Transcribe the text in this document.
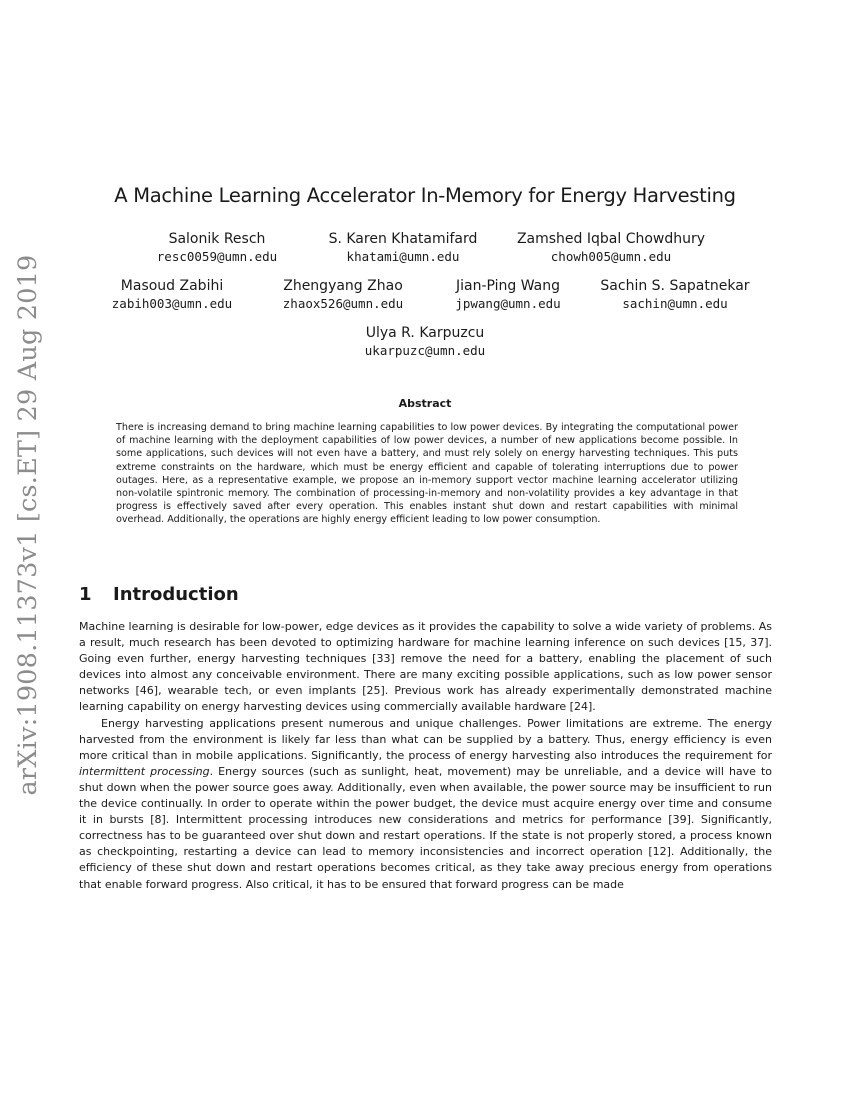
arXiv:1908.11373v1 [cs.ET] 29 Aug 2019
A Machine Learning Accelerator In-Memory for Energy Harvesting
Salonik Resch
resc0059@umn.edu
S. Karen Khatamifard
khatami@umn.edu
Zamshed Iqbal Chowdhury
chowh005@umn.edu
Masoud Zabihi
zabih003@umn.edu
Zhengyang Zhao
zhaox526@umn.edu
Jian-Ping Wang
jpwang@umn.edu
Sachin S. Sapatnekar
sachin@umn.edu
Ulya R. Karpuzcu
ukarpuzc@umn.edu
Abstract

There is increasing demand to bring machine learning capabilities to low power devices. By integrating the computational power of machine learning with the deployment capabilities of low power devices, a number of new applications become possible. In some applications, such devices will not even have a battery, and must rely solely on energy harvesting techniques. This puts extreme constraints on the hardware, which must be energy efficient and capable of tolerating interruptions due to power outages. Here, as a representative example, we propose an in-memory support vector machine learning accelerator utilizing non-volatile spintronic memory. The combination of processing-in-memory and non-volatility provides a key advantage in that progress is effectively saved after every operation. This enables instant shut down and restart capabilities with minimal overhead. Additionally, the operations are highly energy efficient leading to low power consumption.

1 Introduction

Machine learning is desirable for low-power, edge devices as it provides the capability to solve a wide variety of problems. As a result, much research has been devoted to optimizing hardware for machine learning inference on such devices [15, 37]. Going even further, energy harvesting techniques [33] remove the need for a battery, enabling the placement of such devices into almost any conceivable environment. There are many exciting possible applications, such as low power sensor networks [46], wearable tech, or even implants [25]. Previous work has already experimentally demonstrated machine learning capability on energy harvesting devices using commercially available hardware [24].

Energy harvesting applications present numerous and unique challenges. Power limitations are extreme. The energy harvested from the environment is likely far less than what can be supplied by a battery. Thus, energy efficiency is even more critical than in mobile applications. Significantly, the process of energy harvesting also introduces the requirement for intermittent processing. Energy sources (such as sunlight, heat, movement) may be unreliable, and a device will have to shut down when the power source goes away. Additionally, even when available, the power source may be insufficient to run the device continually. In order to operate within the power budget, the device must acquire energy over time and consume it in bursts [8]. Intermittent processing introduces new considerations and metrics for performance [39]. Significantly, correctness has to be guaranteed over shut down and restart operations. If the state is not properly stored, a process known as checkpointing, restarting a device can lead to memory inconsistencies and incorrect operation [12]. Additionally, the efficiency of these shut down and restart operations becomes critical, as they take away precious energy from operations that enable forward progress. Also critical, it has to be ensured that forward progress can be made
